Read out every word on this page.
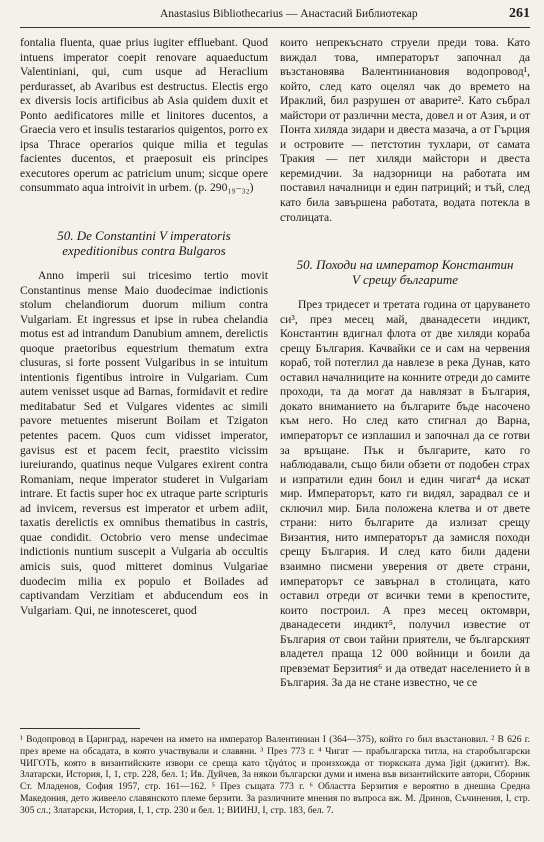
Anastasius Bibliothecarius — Анастасий Библиотекар	261

fontalia fluenta, quae prius iugiter effluebant. Quod intuens imperator coepit renovare aquaeductum Valentiniani, qui, cum usque ad Heraclium perdurasset, ab Avaribus est destructus. Electis ergo ex diversis locis artificibus ab Asia quidem duxit et Ponto aedificatores mille et linitores ducentos, a Graecia vero et insulis testararios quigentos, porro ex ipsa Thrace operarios quique milia et tegulas facientes ducentos, et praeposuit eis principes executores operum ac patricium unum; sicque opere consummato aqua introivit in urbem. (p. 290₁₉₋₃₂)

50. De Constantini V imperatoris

expeditionibus contra Bulgaros

Anno imperii sui tricesimo tertio movit Constantinus mense Maio duodecimae indictionis stolum chelandiorum duorum milium contra Vulgariam. Et ingressus et ipse in rubea chelandia motus est ad intrandum Danubium amnem, derelictis quoque praetoribus equestrium thematum extra clusuras, si forte possent Vulgaribus in se intuitum intentionis figentibus introire in Vulgariam. Cum autem venisset usque ad Barnas, formidavit et redire meditabatur Sed et Vulgares videntes ac simili pavore metuentes miserunt Boilam et Tzigaton petentes pacem. Quos cum vidisset imperator, gavisus est et pacem fecit, praestito vicissim iureiurando, quatinus neque Vulgares exirent contra Romaniam, neque imperator studeret in Vulgariam intrare. Et factis super hoc ex utraque parte scripturis ad invicem, reversus est imperator et urbem adiit, taxatis derelictis ex omnibus thematibus in castris, quae condidit. Octobrio vero mense undecimae indictionis nuntium suscepit a Vulgaria ab occultis amicis suis, quod mitteret dominus Vulgariae duodecim milia ex populo et Boilades ad captivandam Verzitiam et abducendum eos in Vulgariam. Qui, ne innotesceret, quod

които непрекъснато струели преди това. Като виждал това, императорът започнал да възстановява Валентиниановия водопровод¹, който, след като оцелял чак до времето на Ираклий, бил разрушен от аварите². Като събрал майстори от различни места, довел и от Азия, и от Понта хиляда зидари и двеста мазача, а от Гърция и островите — петстотин тухлари, от самата Тракия — пет хиляди майстори и двеста керемидчии. За надзорници на работата им поставил началници и един патриций; и тъй, след като била завършена работата, водата потекла в столицата.

50. Походи на император Константин

V срещу българите

През тридесет и третата година от царуването си³, през месец май, дванадесети индикт, Константин вдигнал флота от две хиляди кораба срещу България. Качвайки се и сам на червения кораб, той потеглил да навлезе в река Дунав, като оставил началниците на конните отреди до самите проходи, та да могат да навлязат в България, докато вниманието на българите бъде насочено към него. Но след като стигнал до Варна, императорът се изплашил и започнал да се готви за връщане. Пък и българите, като го наблюдавали, също били обзети от подобен страх и изпратили един боил и един чигат⁴ да искат мир. Императорът, като ги видял, зарадвал се и сключил мир. Била положена клетва и от двете страни: нито българите да излизат срещу Византия, нито императорът да замисля походи срещу България. И след като били дадени взаимно писмени уверения от двете страни, императорът се завърнал в столицата, като оставил отреди от всички теми в крепостите, които построил. А през месец октомври, дванадесети индикт⁵, получил известие от България от свои тайни приятели, че българският владетел праща 12 000 войници и боили да превземат Берзития⁶ и да отведат населението ѝ в България. За да не стане известно, че се

¹ Водопровод в Цариград, наречен на името на император Валентиниан I (364—375), който го бил възстановил. ² В 626 г. през време на обсадата, в която участвували и славяни. ³ През 773 г. ⁴ Чигат — прабългарска титла, на старобългарски ЧИГОТЬ, която в византийските извори се среща като τζιγάτος и произхожда от тюркската дума ǰigit (джигит). Вж. Златарски, История, I, 1, стр. 228, бел. 1; Ив. Дуйчев, За някои български думи и имена във византийските автори, Сборник Ст. Младенов, София 1957, стр. 161—162. ⁵ През същата 773 г. ⁶ Областта Берзития е вероятно в днешна Средна Македония, дето живеело славянското племе берзити. За различните мнения по въпроса вж. М. Дринов, Съчинения, I, стр. 305 сл.; Златарски, История, I, 1, стр. 230 и бел. 1; ВИИНЈ, I, стр. 183, бел. 7.
